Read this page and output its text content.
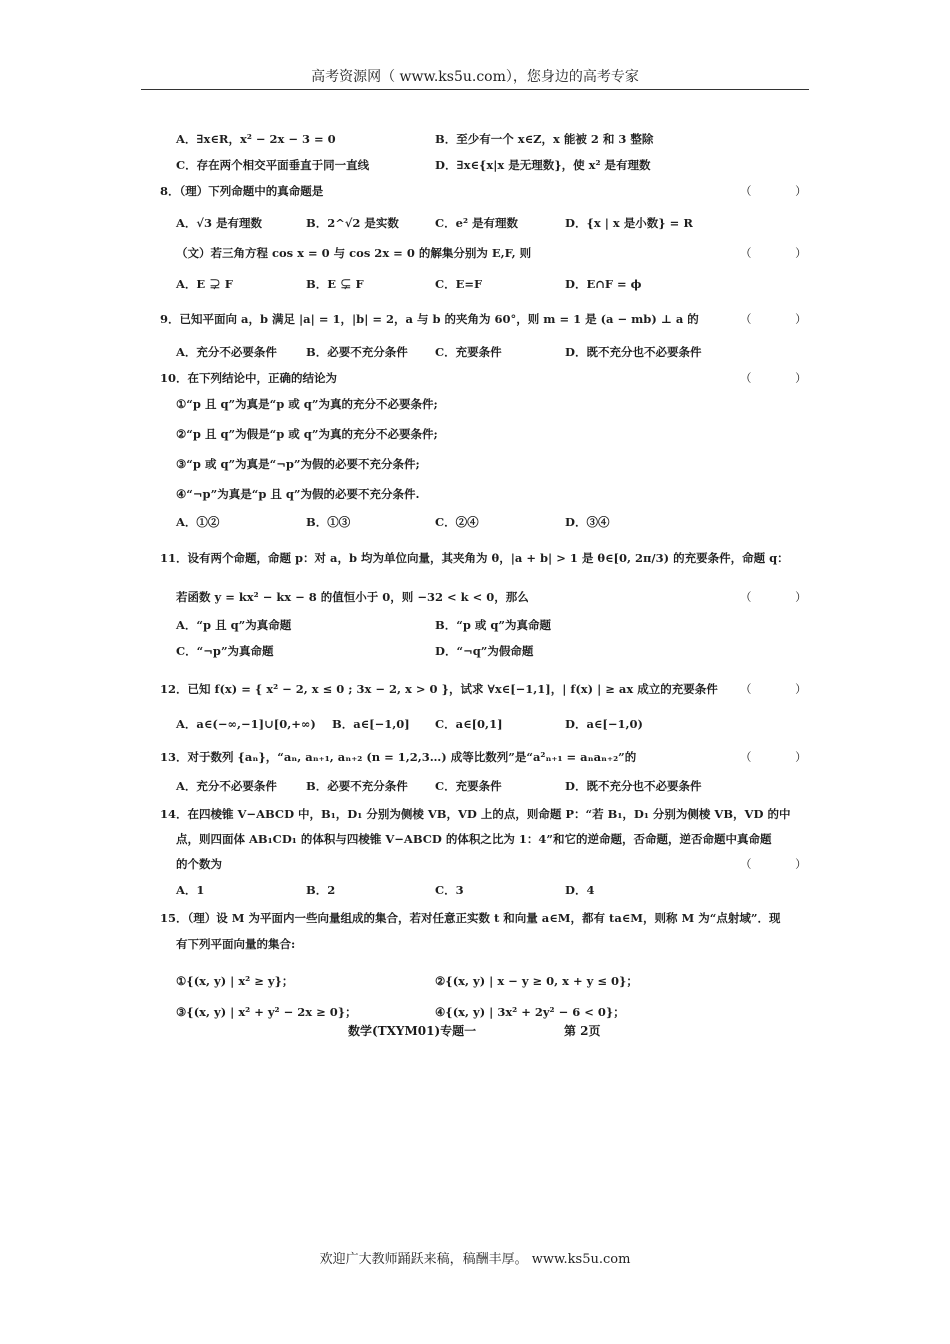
高考资源网（ www.ks5u.com），您身边的高考专家
A．∃x∈R，x² − 2x − 3 = 0	B．至少有一个 x∈Z，x 能被 2 和 3 整除
C．存在两个相交平面垂直于同一直线	D．∃x∈{x|x 是无理数}，使 x² 是有理数
8．（理）下列命题中的真命题是	（ ）
A．√3 是有理数	B．2^√2 是实数	C．e² 是有理数	D．{x | x 是小数} = R
（文）若三角方程 cos x = 0 与 cos 2x = 0 的解集分别为 E,F, 则	（ ）
A．E ⊋ F	B．E ⊊ F	C．E=F	D．E∩F = ϕ
9．已知平面向 a，b 满足 |a| = 1，|b| = 2，a 与 b 的夹角为 60°，则 m = 1 是 (a − mb) ⊥ a 的	（ ）
A．充分不必要条件	B．必要不充分条件 C．充要条件	D．既不充分也不必要条件
10．在下列结论中，正确的结论为	（ ）
①“p 且 q”为真是“p 或 q”为真的充分不必要条件;
②“p 且 q”为假是“p 或 q”为真的充分不必要条件;
③“p 或 q”为真是“¬p”为假的必要不充分条件;
④“¬p”为真是“p 且 q”为假的必要不充分条件.
A．①②	B．①③	C．②④	D．③④
11．设有两个命题，命题 p：对 a，b 均为单位向量，其夹角为 θ，|a + b| > 1 是 θ∈[0, 2π/3) 的充要条件，命题 q：
若函数 y = kx² − kx − 8 的值恒小于 0，则 −32 < k < 0，那么	（ ）
A．“p 且 q”为真命题	B．“p 或 q”为真命题
C．“¬p”为真命题	D．“¬q”为假命题
12．已知 f(x) = { x² − 2, x ≤ 0 ; 3x − 2, x > 0 }，试求 ∀x∈[−1,1]，| f(x) | ≥ ax 成立的充要条件 （ ）
A．a∈(−∞,−1]∪[0,+∞) B．a∈[−1,0] C．a∈[0,1]	D．a∈[−1,0)
13．对于数列 {aₙ}，“aₙ, aₙ₊₁, aₙ₊₂ (n = 1,2,3…) 成等比数列”是“a²ₙ₊₁ = aₙaₙ₊₂”的	（ ）
A．充分不必要条件	B．必要不充分条件 C．充要条件	D．既不充分也不必要条件
14．在四棱锥 V−ABCD 中，B₁，D₁ 分别为侧棱 VB，VD 上的点，则命题 P：“若 B₁，D₁ 分别为侧棱 VB，VD 的中
点，则四面体 AB₁CD₁ 的体积与四棱锥 V−ABCD 的体积之比为 1：4”和它的逆命题，否命题，逆否命题中真命题
的个数为	（ ）
A．1	B．2	C．3	D．4
15．（理）设 M 为平面内一些向量组成的集合，若对任意正实数 t 和向量 a∈M，都有 ta∈M，则称 M 为“点射域”．现
有下列平面向量的集合:
①{(x, y) | x² ≥ y}；	②{(x, y) | x − y ≥ 0, x + y ≤ 0}；
③{(x, y) | x² + y² − 2x ≥ 0}；	④{(x, y) | 3x² + 2y² − 6 < 0}；
数学(TXYM01)专题一	第 2页
欢迎广大教师踊跃来稿，稿酬丰厚。 www.ks5u.com
